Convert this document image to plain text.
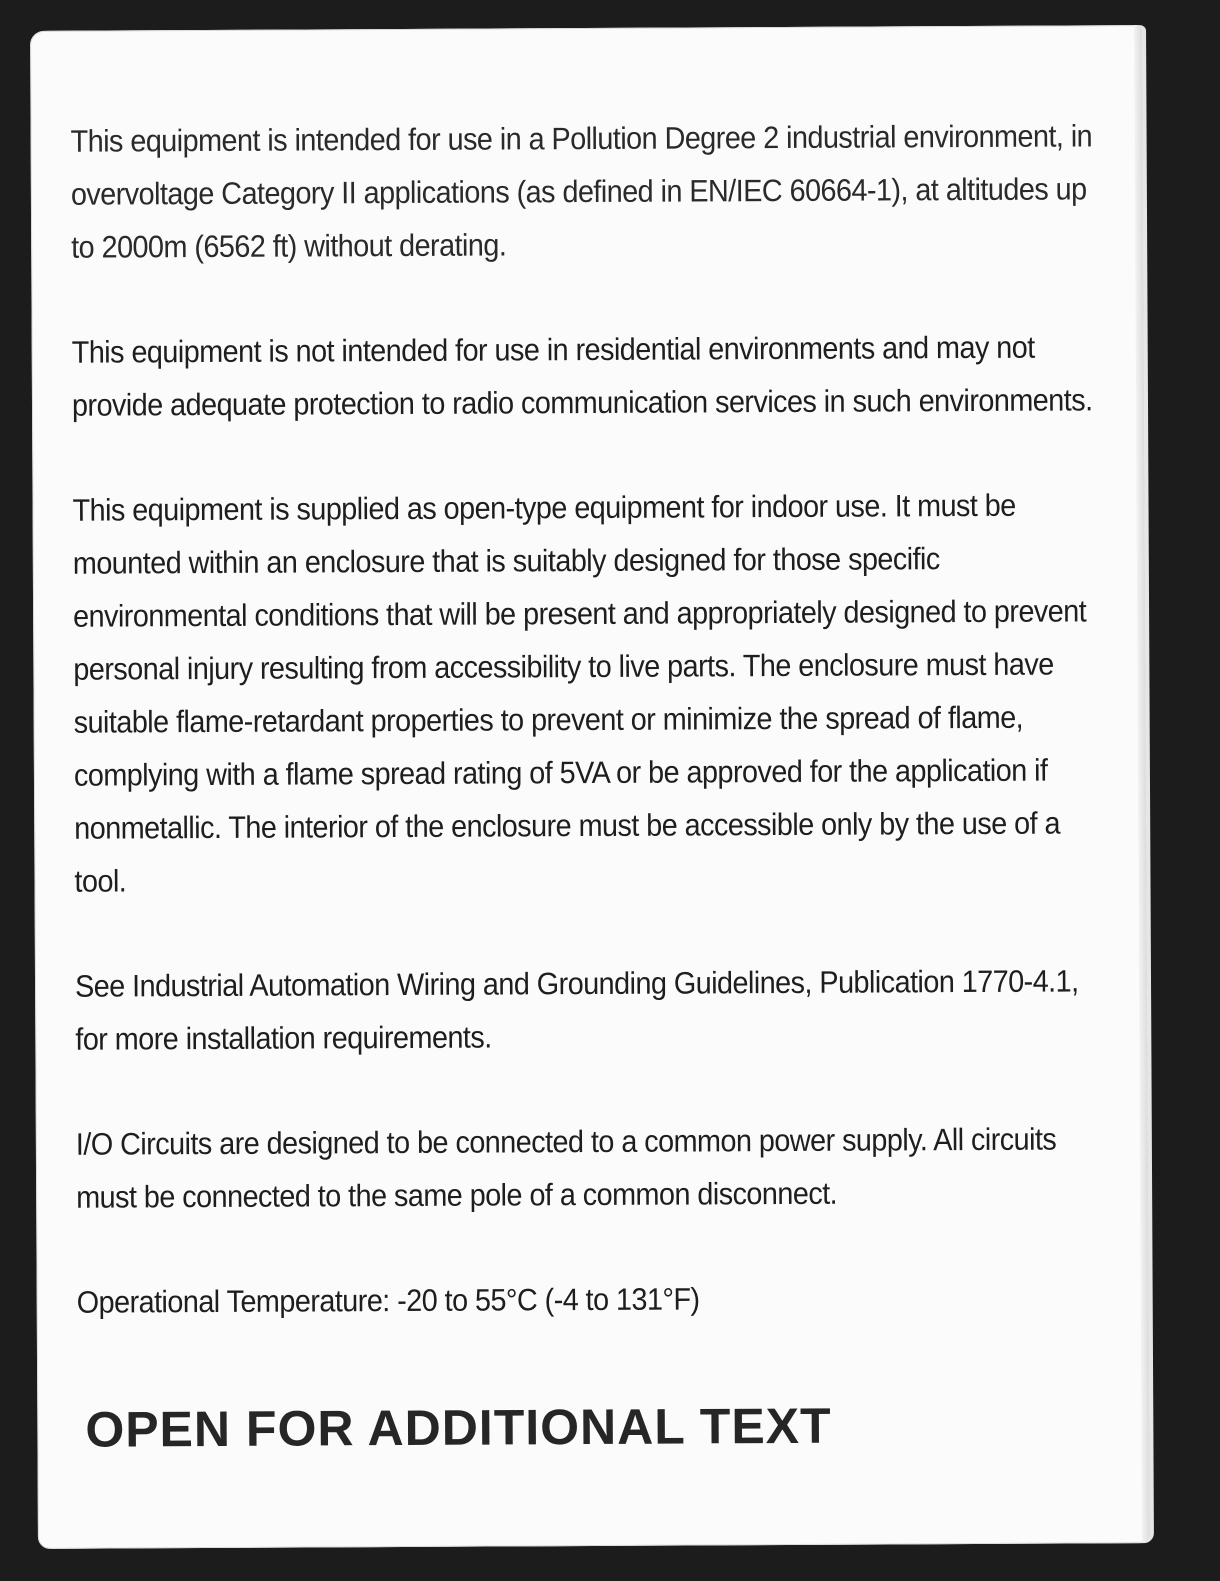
This equipment is intended for use in a Pollution Degree 2 industrial environment, in overvoltage Category II applications (as defined in EN/IEC 60664-1), at altitudes up to 2000m (6562 ft) without derating.

This equipment is not intended for use in residential environments and may not provide adequate protection to radio communication services in such environments.

This equipment is supplied as open-type equipment for indoor use. It must be mounted within an enclosure that is suitably designed for those specific environmental conditions that will be present and appropriately designed to prevent personal injury resulting from accessibility to live parts. The enclosure must have suitable flame-retardant properties to prevent or minimize the spread of flame, complying with a flame spread rating of 5VA or be approved for the application if nonmetallic. The interior of the enclosure must be accessible only by the use of a tool.

See Industrial Automation Wiring and Grounding Guidelines, Publication 1770-4.1, for more installation requirements.

I/O Circuits are designed to be connected to a common power supply. All circuits must be connected to the same pole of a common disconnect.

Operational Temperature: -20 to 55°C (-4 to 131°F)

OPEN FOR ADDITIONAL TEXT
